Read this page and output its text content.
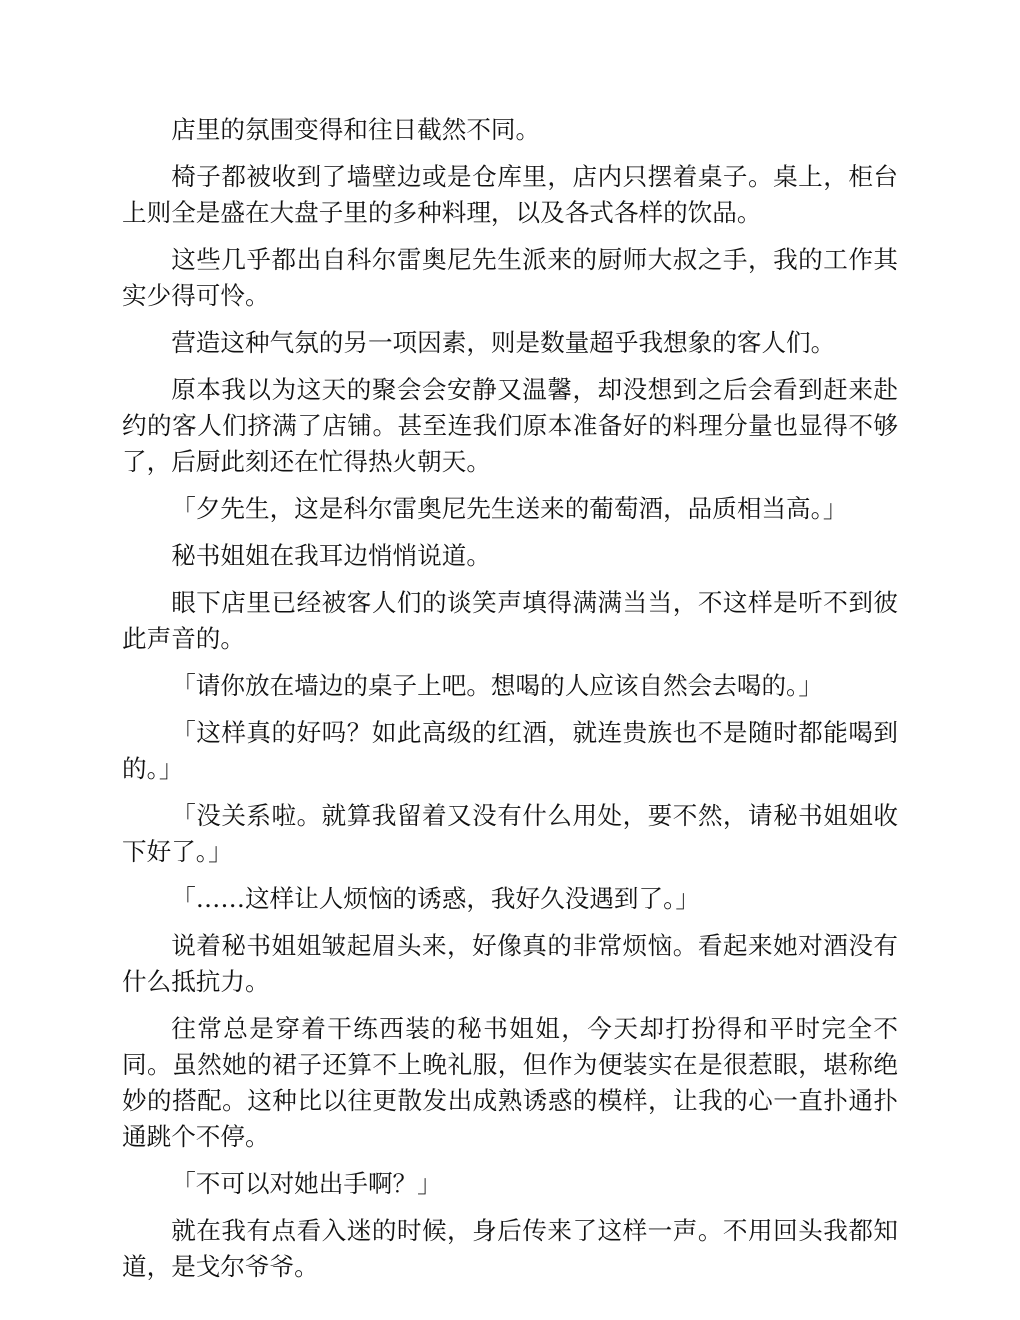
店里的氛围变得和往日截然不同。

椅子都被收到了墙壁边或是仓库里，店内只摆着桌子。桌上，柜台上则全是盛在大盘子里的多种料理，以及各式各样的饮品。

这些几乎都出自科尔雷奥尼先生派来的厨师大叔之手，我的工作其实少得可怜。

营造这种气氛的另一项因素，则是数量超乎我想象的客人们。

原本我以为这天的聚会会安静又温馨，却没想到之后会看到赶来赴约的客人们挤满了店铺。甚至连我们原本准备好的料理分量也显得不够了，后厨此刻还在忙得热火朝天。

「夕先生，这是科尔雷奥尼先生送来的葡萄酒，品质相当高。」

秘书姐姐在我耳边悄悄说道。

眼下店里已经被客人们的谈笑声填得满满当当，不这样是听不到彼此声音的。

「请你放在墙边的桌子上吧。想喝的人应该自然会去喝的。」

「这样真的好吗？如此高级的红酒，就连贵族也不是随时都能喝到的。」

「没关系啦。就算我留着又没有什么用处，要不然，请秘书姐姐收下好了。」

「……这样让人烦恼的诱惑，我好久没遇到了。」

说着秘书姐姐皱起眉头来，好像真的非常烦恼。看起来她对酒没有什么抵抗力。

往常总是穿着干练西装的秘书姐姐，今天却打扮得和平时完全不同。虽然她的裙子还算不上晚礼服，但作为便装实在是很惹眼，堪称绝妙的搭配。这种比以往更散发出成熟诱惑的模样，让我的心一直扑通扑通跳个不停。

「不可以对她出手啊？」

就在我有点看入迷的时候，身后传来了这样一声。不用回头我都知道，是戈尔爷爷。
